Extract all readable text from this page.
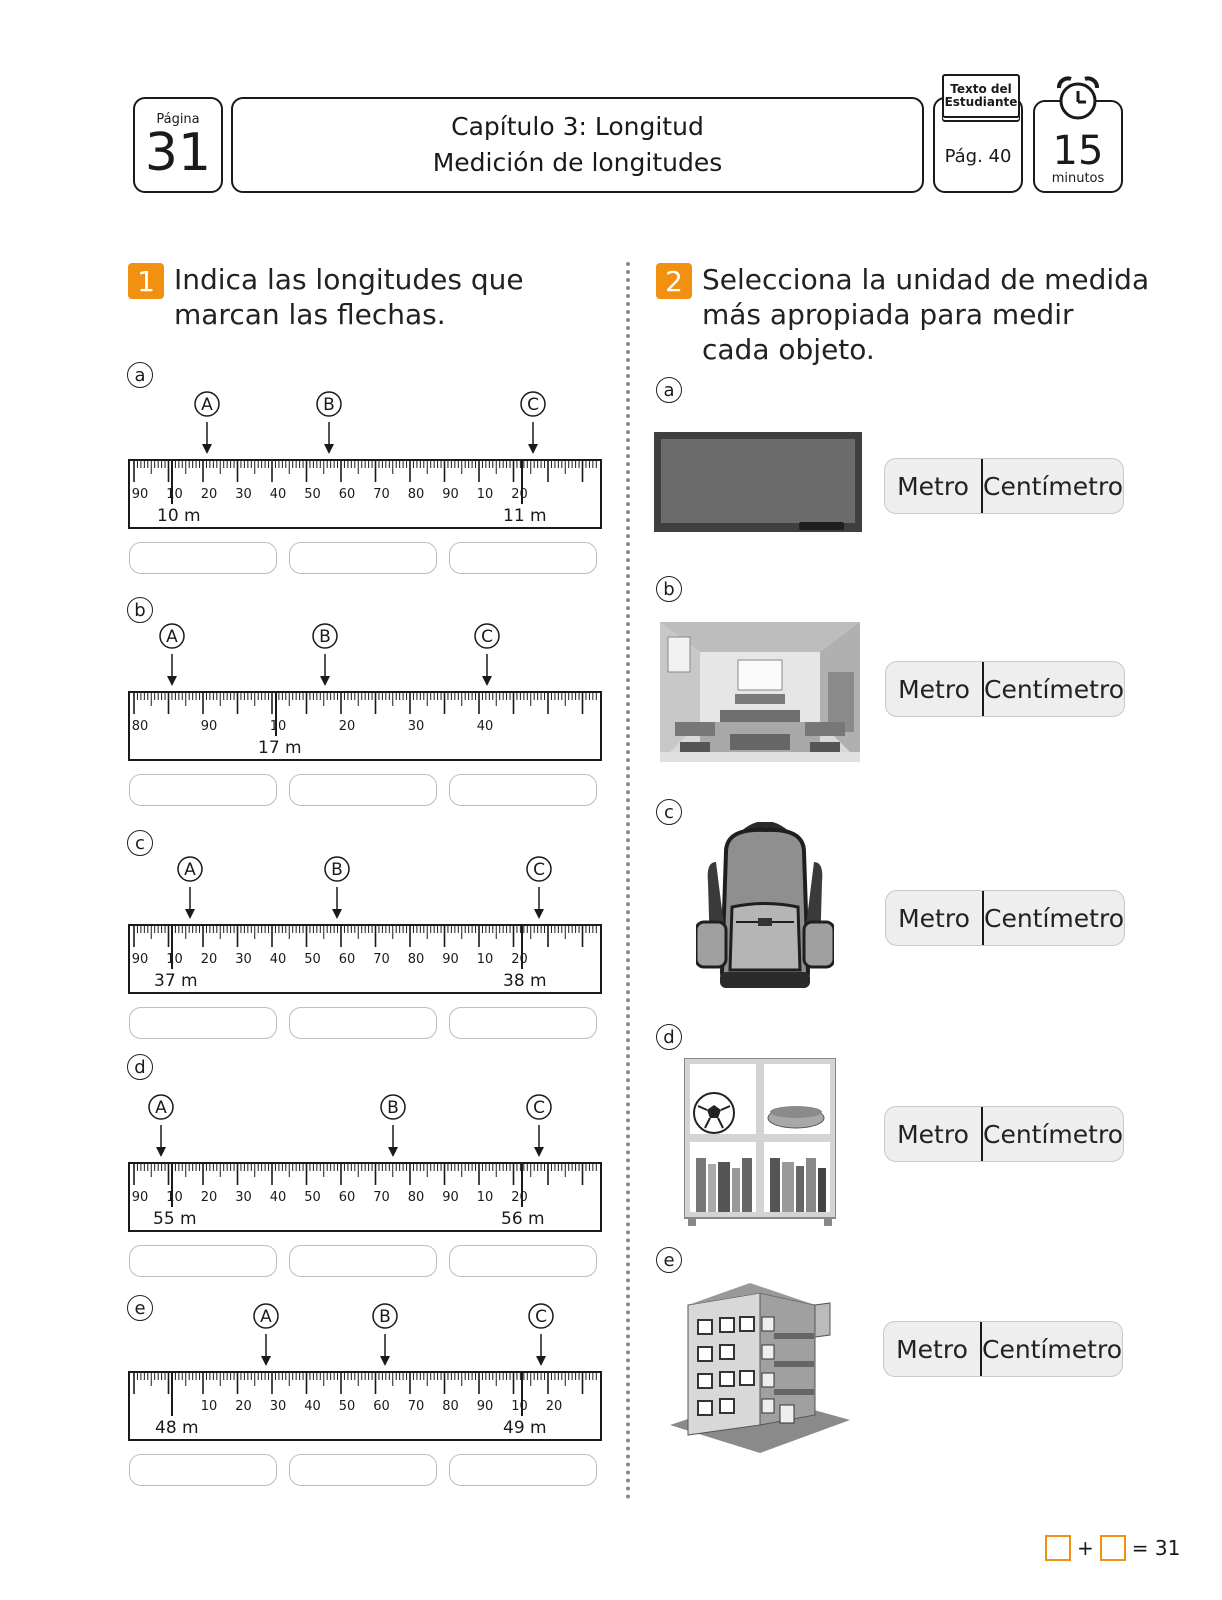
Página
31	Capítulo 3: Longitud
Medición de longitudes	Pág. 40
Texto del
Estudiante
15
minutos
1 Indica las longitudes que
marcan las flechas.
a
90 10 20 30 40 50 60 70 80 90 10 20
10 m	11 m
A	B	C
b
80	90	10	20	30	40
17 m
A	B	C
c
90 10 20 30 40 50 60 70 80 90 10 20
37 m	38 m
A	B	C
d
90 10 20 30 40 50 60 70 80 90 10 20
55 m	56 m
A	B	C
e
10 20 30 40 50 60 70 80 90 10 20
48 m	49 m
A	B	C
2 Selecciona la unidad de medida
más apropiada para medir
cada objeto.
a
Metro Centímetro
b
Metro Centímetro
c
Metro Centímetro
d
Metro Centímetro
e
Metro Centímetro
+ = 31
